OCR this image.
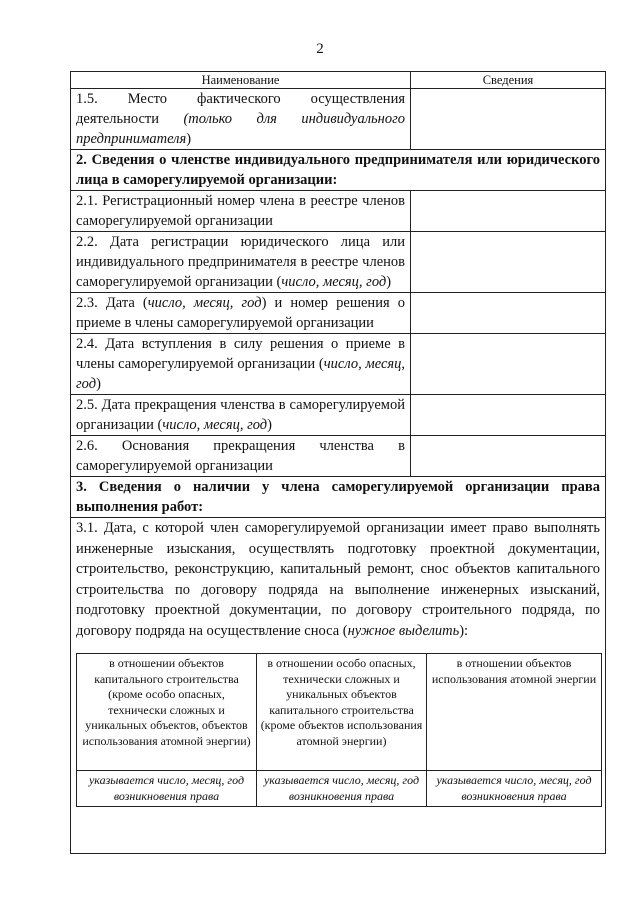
2
Наименование	Сведения

1.5. Место фактического осуществления
деятельности (только для индивидуального
предпринимателя)

2. Сведения о членстве индивидуального предпринимателя или юридического лица в саморегулируемой организации:
2.1. Регистрационный номер члена в реестре членов саморегулируемой организации	
2.2. Дата регистрации юридического лица или индивидуального предпринимателя в реестре членов саморегулируемой организации (число, месяц, год)	
2.3. Дата (число, месяц, год) и номер решения о приеме в члены саморегулируемой организации	
2.4. Дата вступления в силу решения о приеме в члены саморегулируемой организации (число, месяц, год)	
2.5. Дата прекращения членства в саморегулируемой организации (число, месяц, год)	
2.6. Основания прекращения членства в саморегулируемой организации	
3. Сведения о наличии у члена саморегулируемой организации права выполнения работ:

3.1. Дата, с которой член саморегулируемой организации имеет право выполнять инженерные изыскания, осуществлять подготовку проектной документации, строительство, реконструкцию, капитальный ремонт, снос объектов капитального строительства по договору подряда на выполнение инженерных изысканий, подготовку проектной документации, по договору строительного подряда, по договору подряда на осуществление сноса (нужное выделить):
в отношении объектов капитального строительства (кроме особо опасных, технически сложных и уникальных объектов, объектов использования атомной энергии)	в отношении особо опасных, технически сложных и уникальных объектов капитального строительства (кроме объектов использования атомной энергии)	в отношении объектов использования атомной энергии
указывается число, месяц, год возникновения права	указывается число, месяц, год возникновения права	указывается число, месяц, год возникновения права
